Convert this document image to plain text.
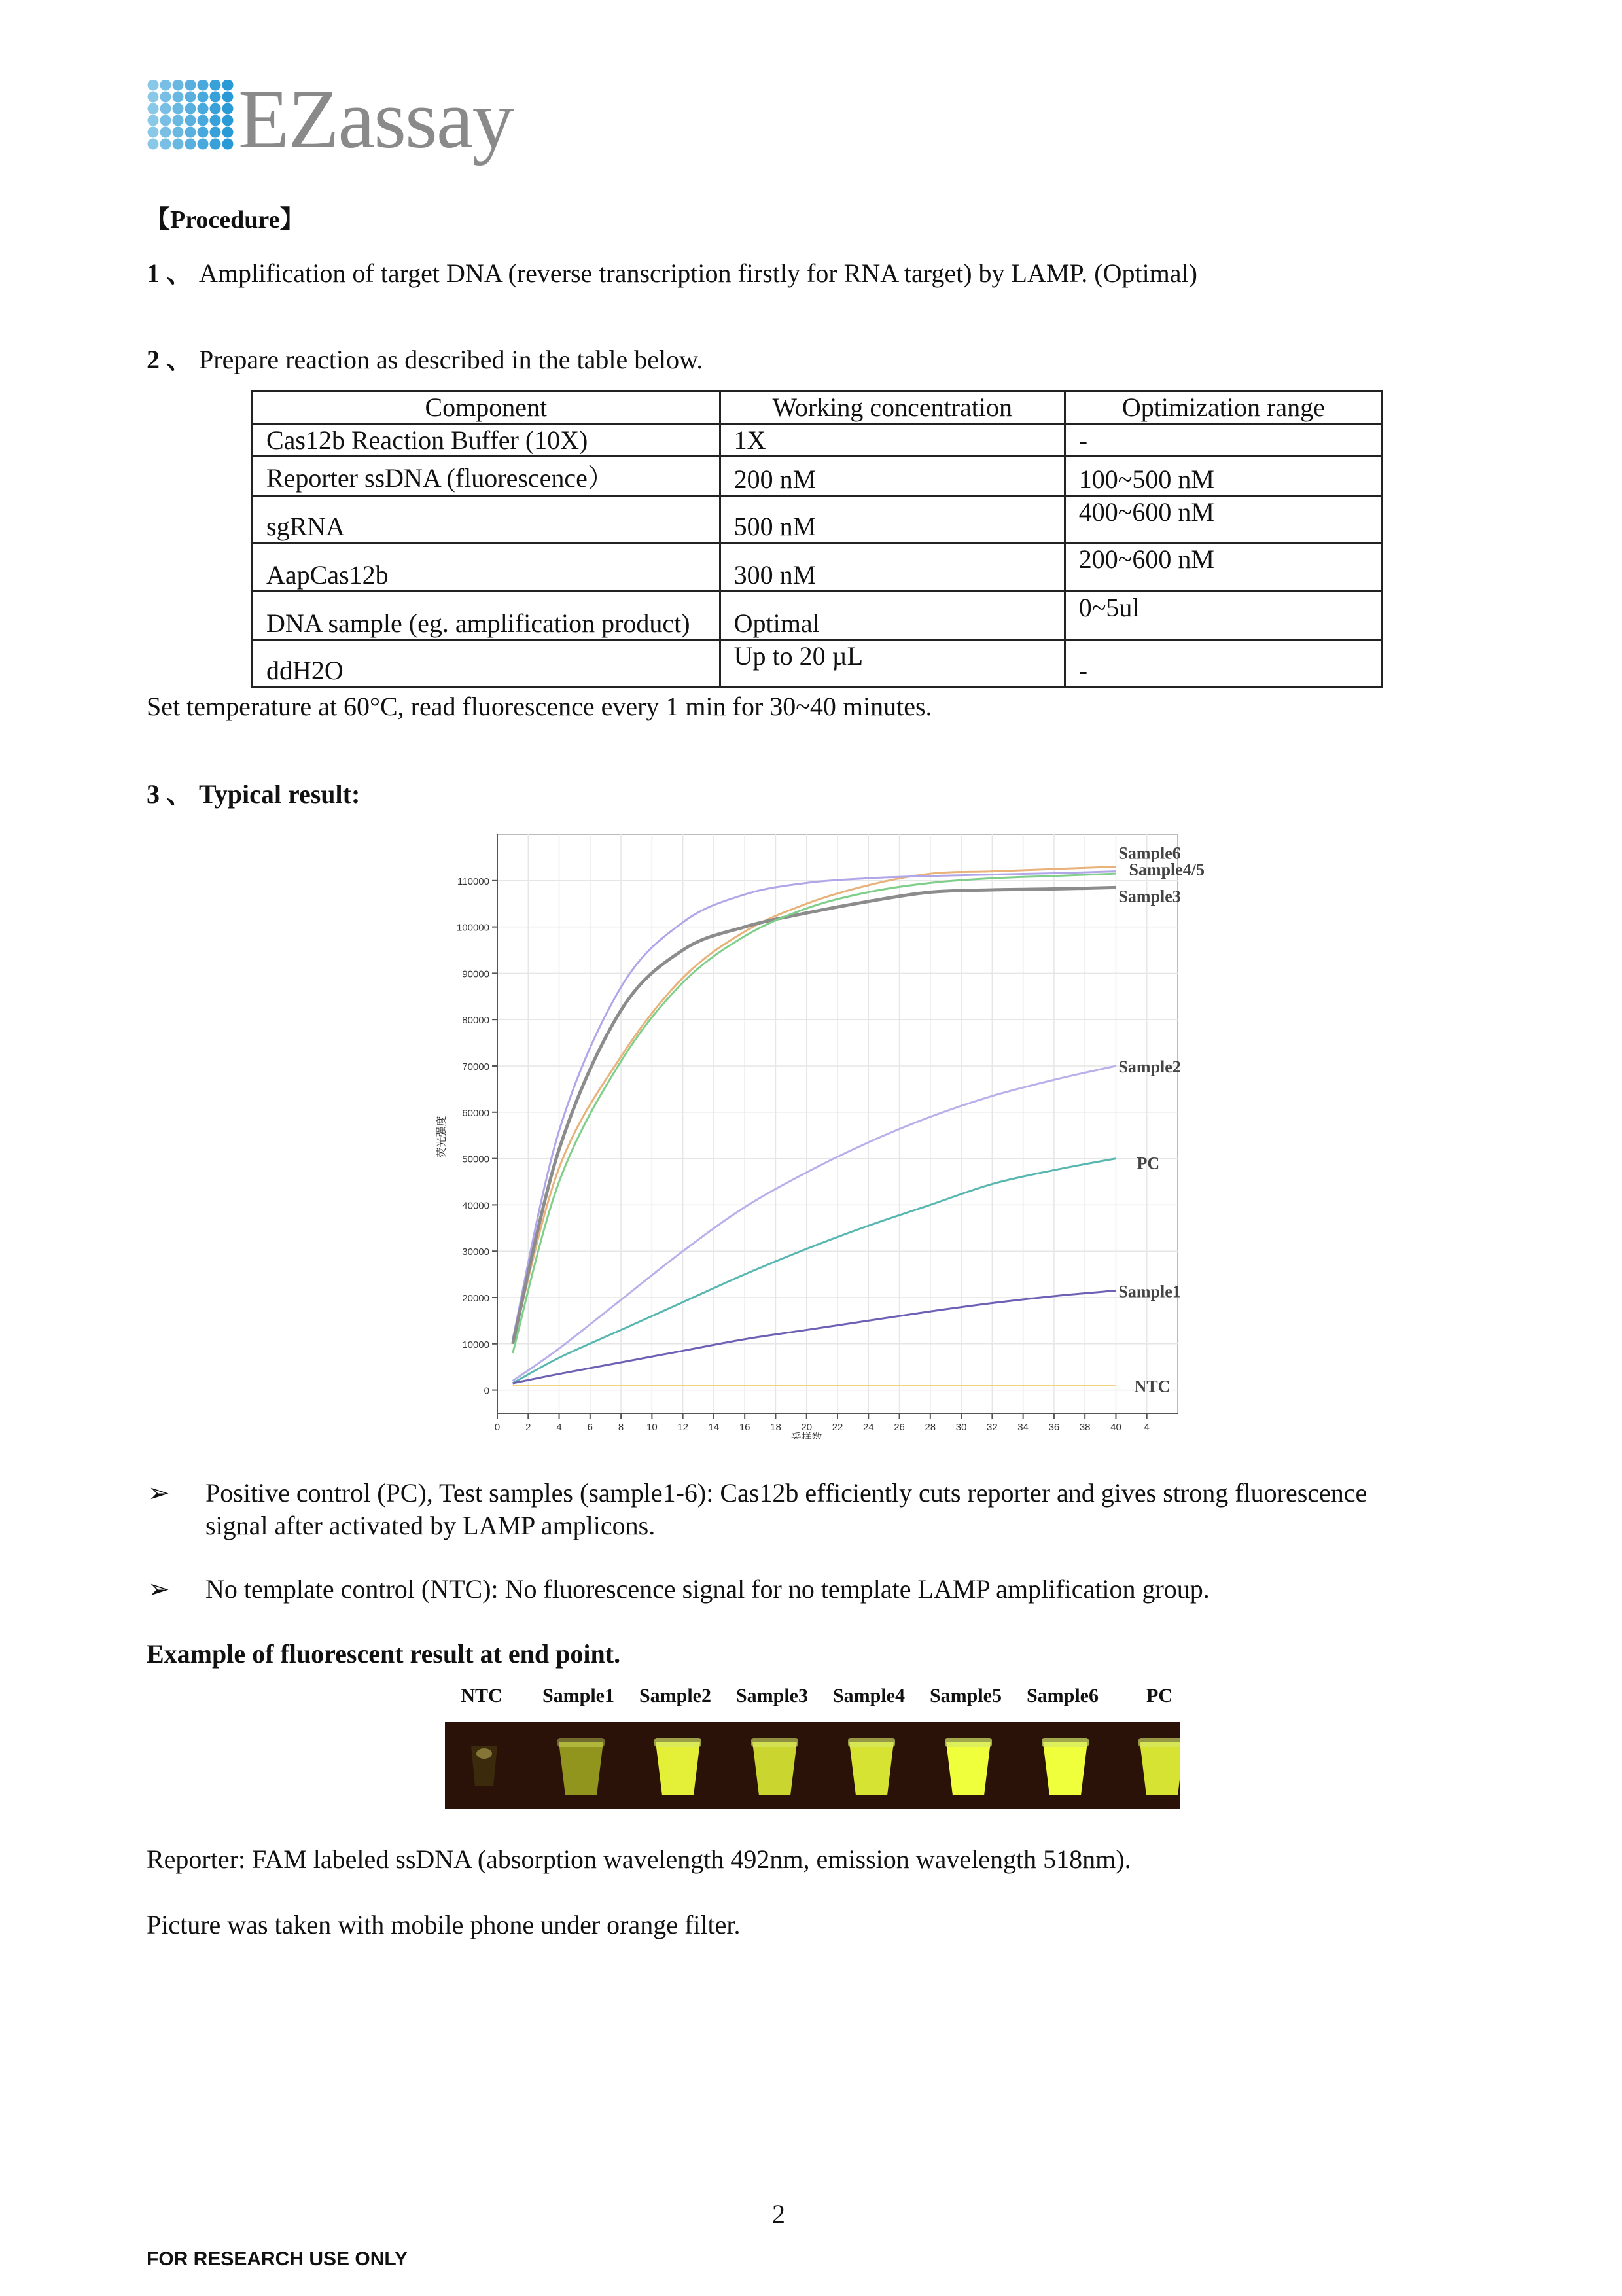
EZassay
【Procedure】
1 、 Amplification of target DNA (reverse transcription firstly for RNA target) by LAMP. (Optimal)
2 、 Prepare reaction as described in the table below.
Component	Working concentration	Optimization range
Cas12b Reaction Buffer (10X)	1X	-
Reporter ssDNA (fluorescence）	200 nM	100~500 nM
sgRNA	500 nM	400~600 nM
AapCas12b	300 nM	200~600 nM
DNA sample (eg. amplification product)	Optimal	0~5ul
ddH2O	Up to 20 µL	-
Set temperature at 60°C, read fluorescence every 1 min for 30~40 minutes.
3 、 Typical result:
0
10000
20000
30000
40000
50000
60000
70000
80000
90000
100000
110000
0	2	4	6	8 10 12 14 16 18 20 22 24 26 28 30 32 34 36 38 40 4
采样数
荧光强度
Sample6
Sample4/5
Sample3
Sample2
PC
Sample1
NTC
➢ Positive control (PC), Test samples (sample1-6): Cas12b efficiently cuts reporter and gives strong fluorescence
signal after activated by LAMP amplicons.
➢ No template control (NTC): No fluorescence signal for no template LAMP amplification group.
Example of fluorescent result at end point.
NTC Sample1 Sample2 Sample3 Sample4 Sample5 Sample6 PC
Reporter: FAM labeled ssDNA (absorption wavelength 492nm, emission wavelength 518nm).
Picture was taken with mobile phone under orange filter.
2
FOR RESEARCH USE ONLY
